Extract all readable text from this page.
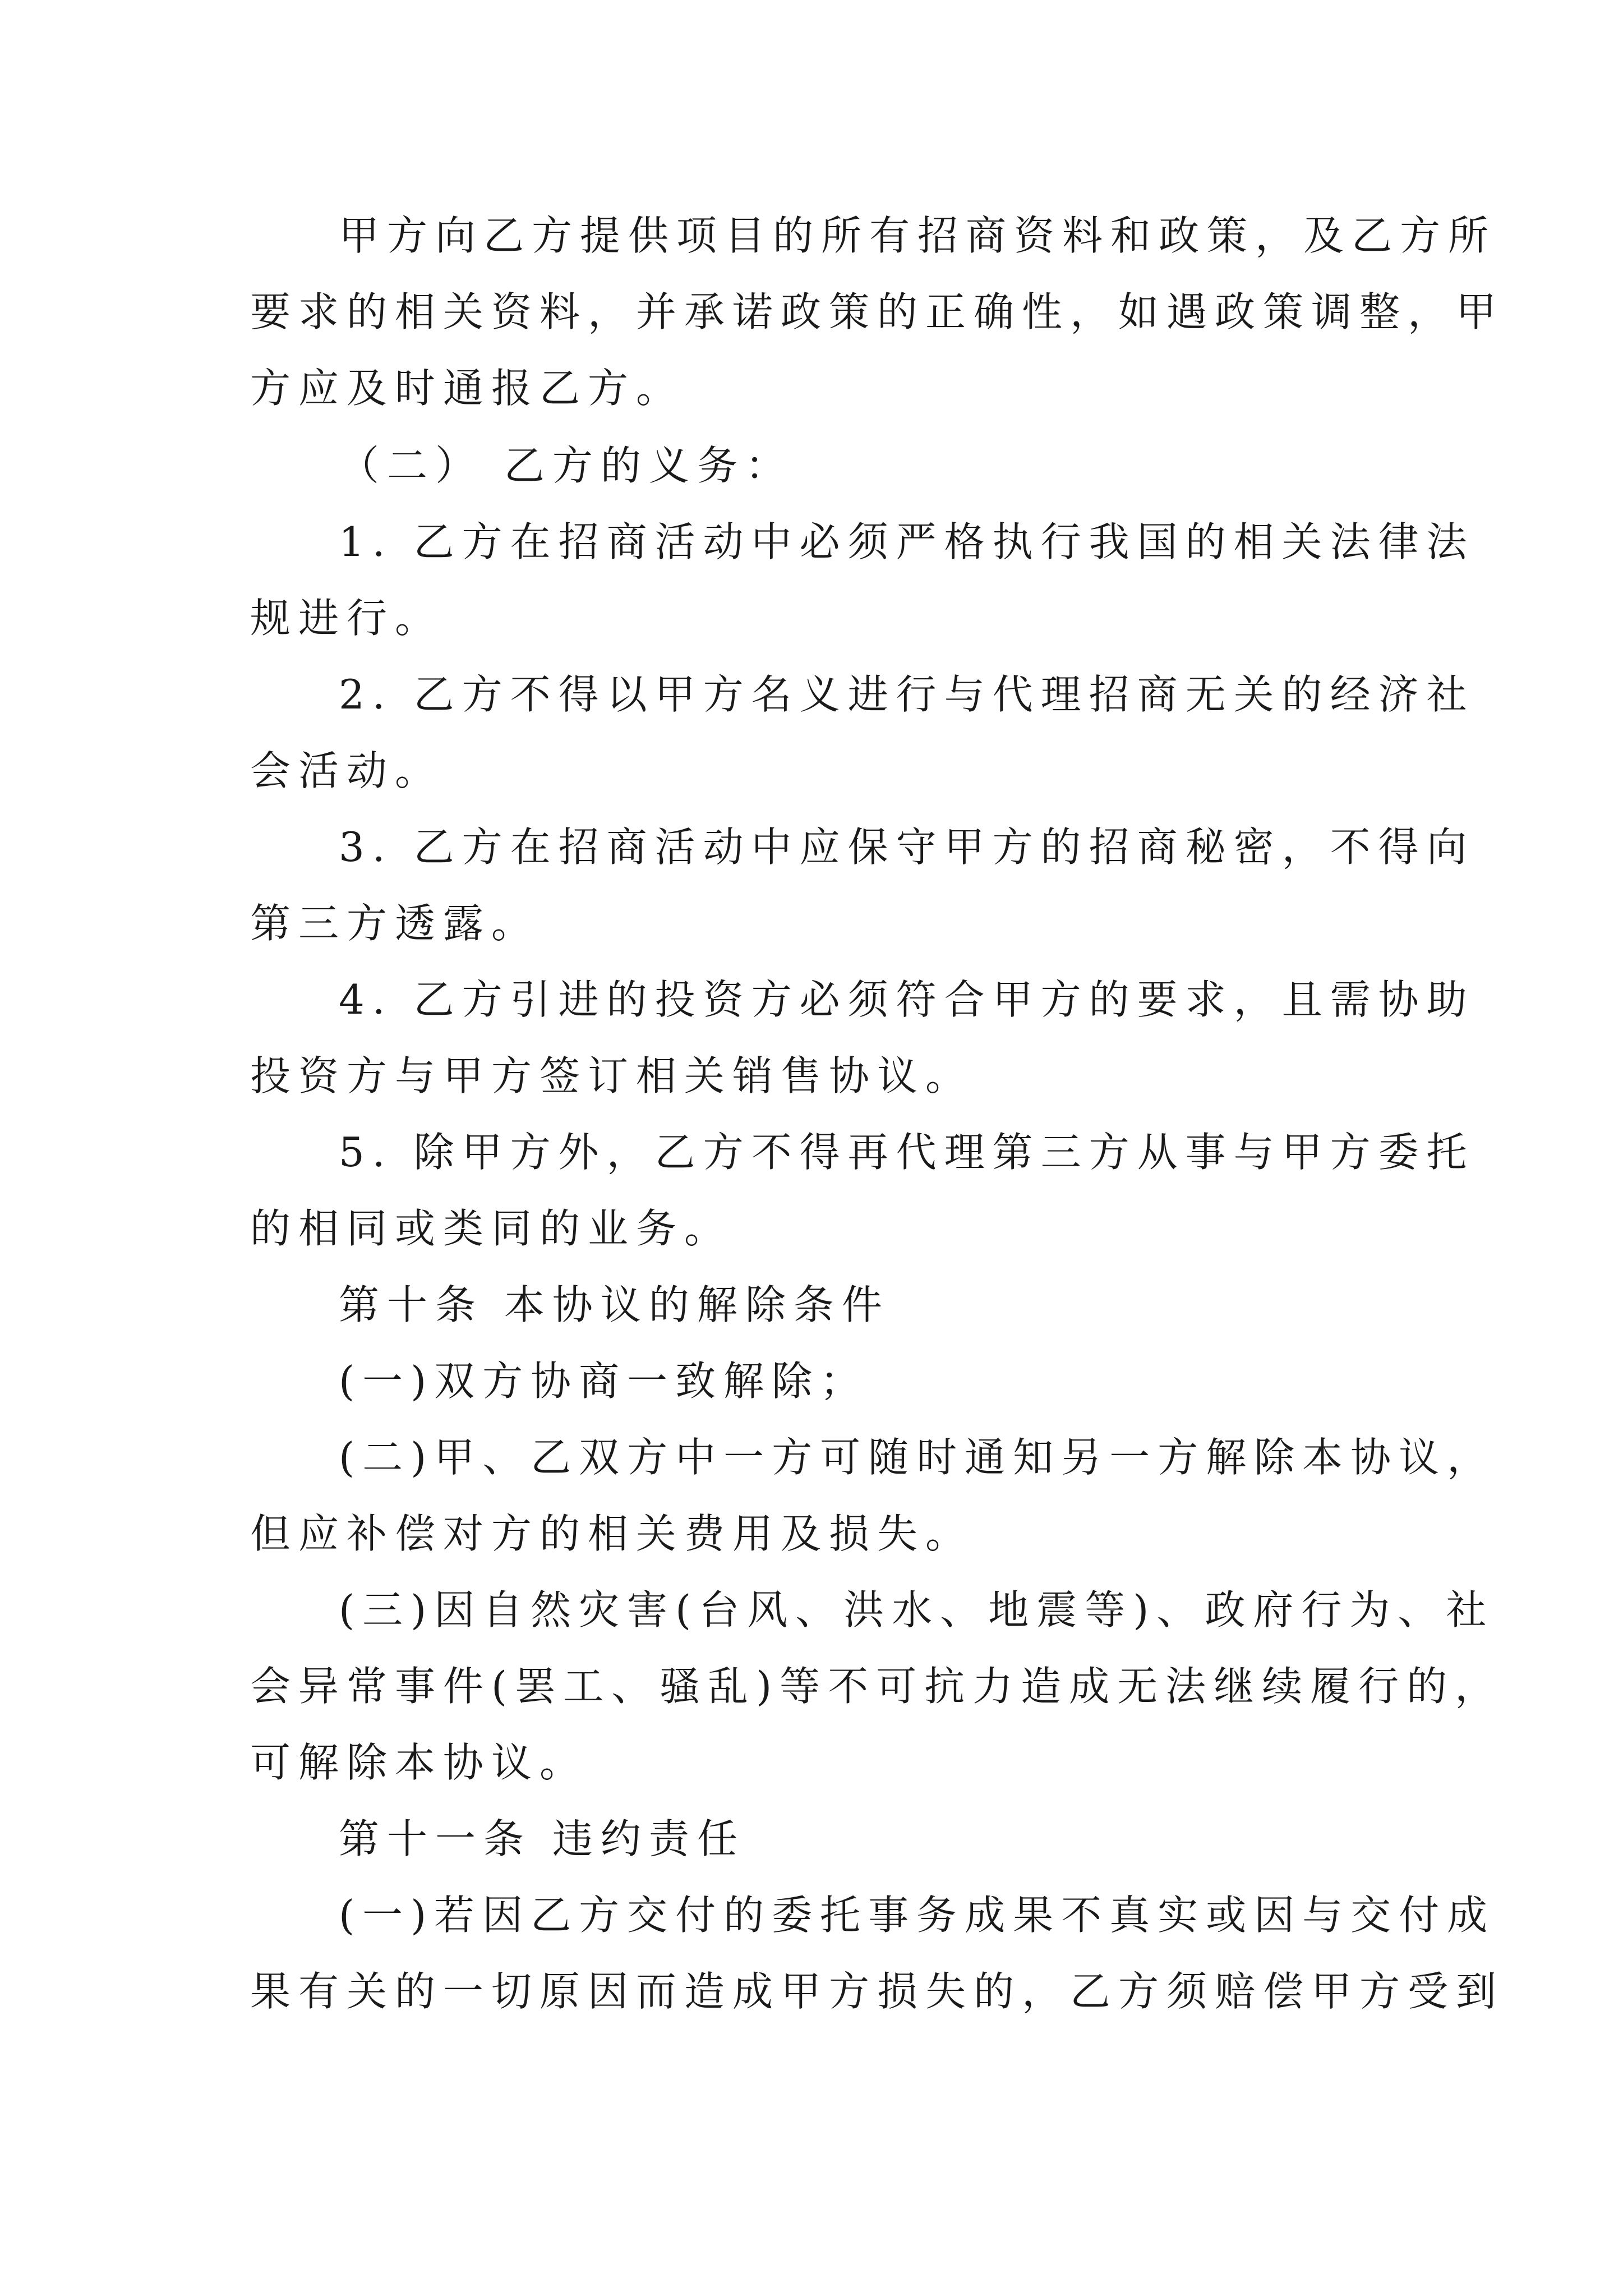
甲方向乙方提供项目的所有招商资料和政策，及乙方所
要求的相关资料，并承诺政策的正确性，如遇政策调整，甲
方应及时通报乙方。
（二） 乙方的义务：
1. 乙方在招商活动中必须严格执行我国的相关法律法
规进行。
2. 乙方不得以甲方名义进行与代理招商无关的经济社
会活动。
3. 乙方在招商活动中应保守甲方的招商秘密，不得向
第三方透露。
4. 乙方引进的投资方必须符合甲方的要求，且需协助
投资方与甲方签订相关销售协议。
5. 除甲方外，乙方不得再代理第三方从事与甲方委托
的相同或类同的业务。
第十条 本协议的解除条件
(一)双方协商一致解除；
(二)甲、乙双方中一方可随时通知另一方解除本协议，
但应补偿对方的相关费用及损失。
(三)因自然灾害(台风、洪水、地震等)、政府行为、社
会异常事件(罢工、骚乱)等不可抗力造成无法继续履行的，
可解除本协议。
第十一条 违约责任
(一)若因乙方交付的委托事务成果不真实或因与交付成
果有关的一切原因而造成甲方损失的，乙方须赔偿甲方受到
